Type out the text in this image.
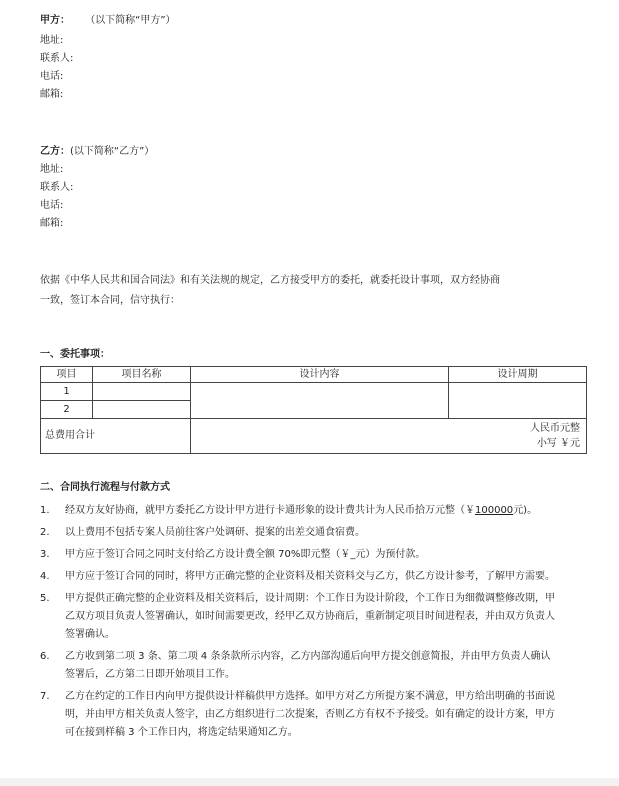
甲方： （以下简称“甲方”）
地址:
联系人:
电话:
邮箱:
乙方：(以下简称“乙方”）
地址:
联系人:
电话:
邮箱:
依据《中华人民共和国合同法》和有关法规的规定，乙方接受甲方的委托，就委托设计事项，双方经协商
一致，签订本合同，信守执行：
一、委托事项：
项目	项目名称	设计内容	设计周期
1			
2			
总费用合计		人民币元整
小写 ￥元	
二、合同执行流程与付款方式
1. 经双方友好协商，就甲方委托乙方设计甲方进行卡通形象的设计费共计为人民币拾万元整（￥100000元)。
2. 以上费用不包括专案人员前往客户处调研、提案的出差交通食宿费。
3. 甲方应于签订合同之同时支付给乙方设计费全额 70%即元整（￥_元）为预付款。
4. 甲方应于签订合同的同时，将甲方正确完整的企业资料及相关资料交与乙方，供乙方设计参考，了解甲方需要。
5. 甲方提供正确完整的企业资料及相关资料后，设计周期：个工作日为设计阶段，个工作日为细微调整修改期，甲乙双方项目负责人签署确认，如时间需要更改，经甲乙双方协商后，重新制定项目时间进程表，并由双方负责人签署确认。
6. 乙方收到第二项 3 条、第二项 4 条条款所示内容，乙方内部沟通后向甲方提交创意简报，并由甲方负责人确认签署后，乙方第二日即开始项目工作。
7. 乙方在约定的工作日内向甲方提供设计样稿供甲方选择。如甲方对乙方所提方案不满意，甲方给出明确的书面说明，并由甲方相关负责人签字，由乙方组织进行二次提案，否则乙方有权不予接受。如有确定的设计方案，甲方可在接到样稿 3 个工作日内，将选定结果通知乙方。
